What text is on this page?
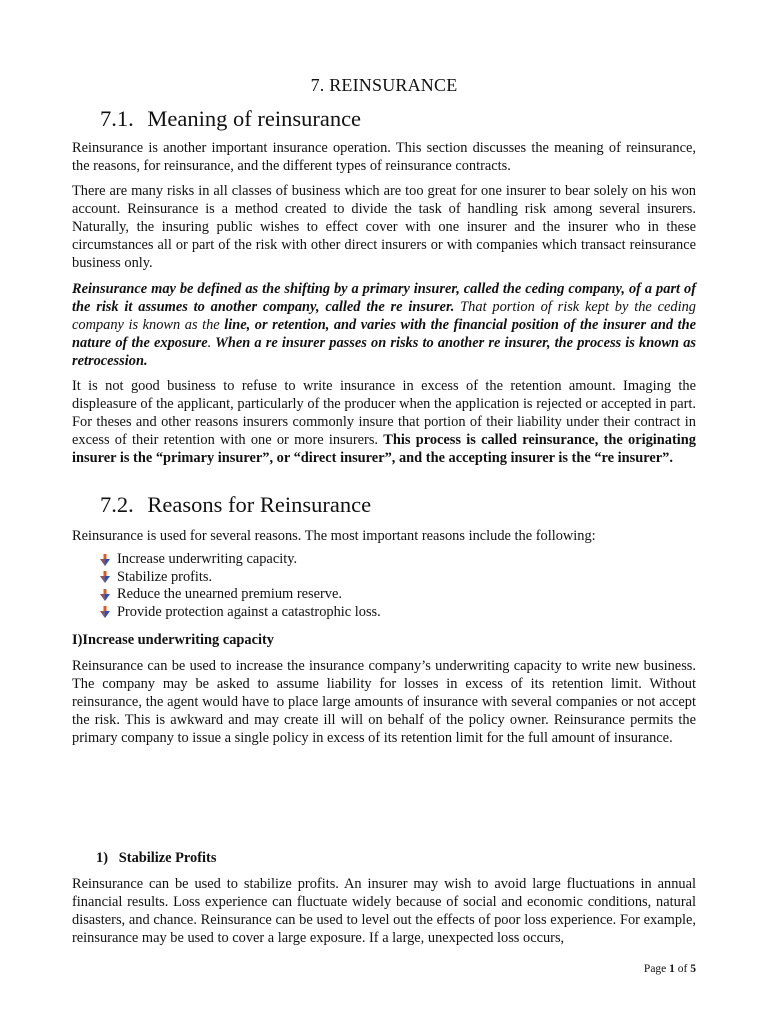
7. REINSURANCE
7.1. Meaning of reinsurance

Reinsurance is another important insurance operation. This section discusses the meaning of reinsurance, the reasons, for reinsurance, and the different types of reinsurance contracts.

There are many risks in all classes of business which are too great for one insurer to bear solely on his won account. Reinsurance is a method created to divide the task of handling risk among several insurers. Naturally, the insuring public wishes to effect cover with one insurer and the insurer who in these circumstances all or part of the risk with other direct insurers or with companies which transact reinsurance business only.

Reinsurance may be defined as the shifting by a primary insurer, called the ceding company, of a part of the risk it assumes to another company, called the re insurer. That portion of risk kept by the ceding company is known as the line, or retention, and varies with the financial position of the insurer and the nature of the exposure. When a re insurer passes on risks to another re insurer, the process is known as retrocession.

It is not good business to refuse to write insurance in excess of the retention amount. Imaging the displeasure of the applicant, particularly of the producer when the application is rejected or accepted in part. For theses and other reasons insurers commonly insure that portion of their liability under their contract in excess of their retention with one or more insurers. This process is called reinsurance, the originating insurer is the “primary insurer”, or “direct insurer”, and the accepting insurer is the “re insurer”.

7.2. Reasons for Reinsurance

Reinsurance is used for several reasons. The most important reasons include the following:

Increase underwriting capacity.
Stabilize profits.
Reduce the unearned premium reserve.
Provide protection against a catastrophic loss.
I)Increase underwriting capacity

Reinsurance can be used to increase the insurance company’s underwriting capacity to write new business. The company may be asked to assume liability for losses in excess of its retention limit. Without reinsurance, the agent would have to place large amounts of insurance with several companies or not accept the risk. This is awkward and may create ill will on behalf of the policy owner. Reinsurance permits the primary company to issue a single policy in excess of its retention limit for the full amount of insurance.

1)   Stabilize Profits

Reinsurance can be used to stabilize profits. An insurer may wish to avoid large fluctuations in annual financial results. Loss experience can fluctuate widely because of social and economic conditions, natural disasters, and chance. Reinsurance can be used to level out the effects of poor loss experience. For example, reinsurance may be used to cover a large exposure. If a large, unexpected loss occurs,

Page 1 of 5
